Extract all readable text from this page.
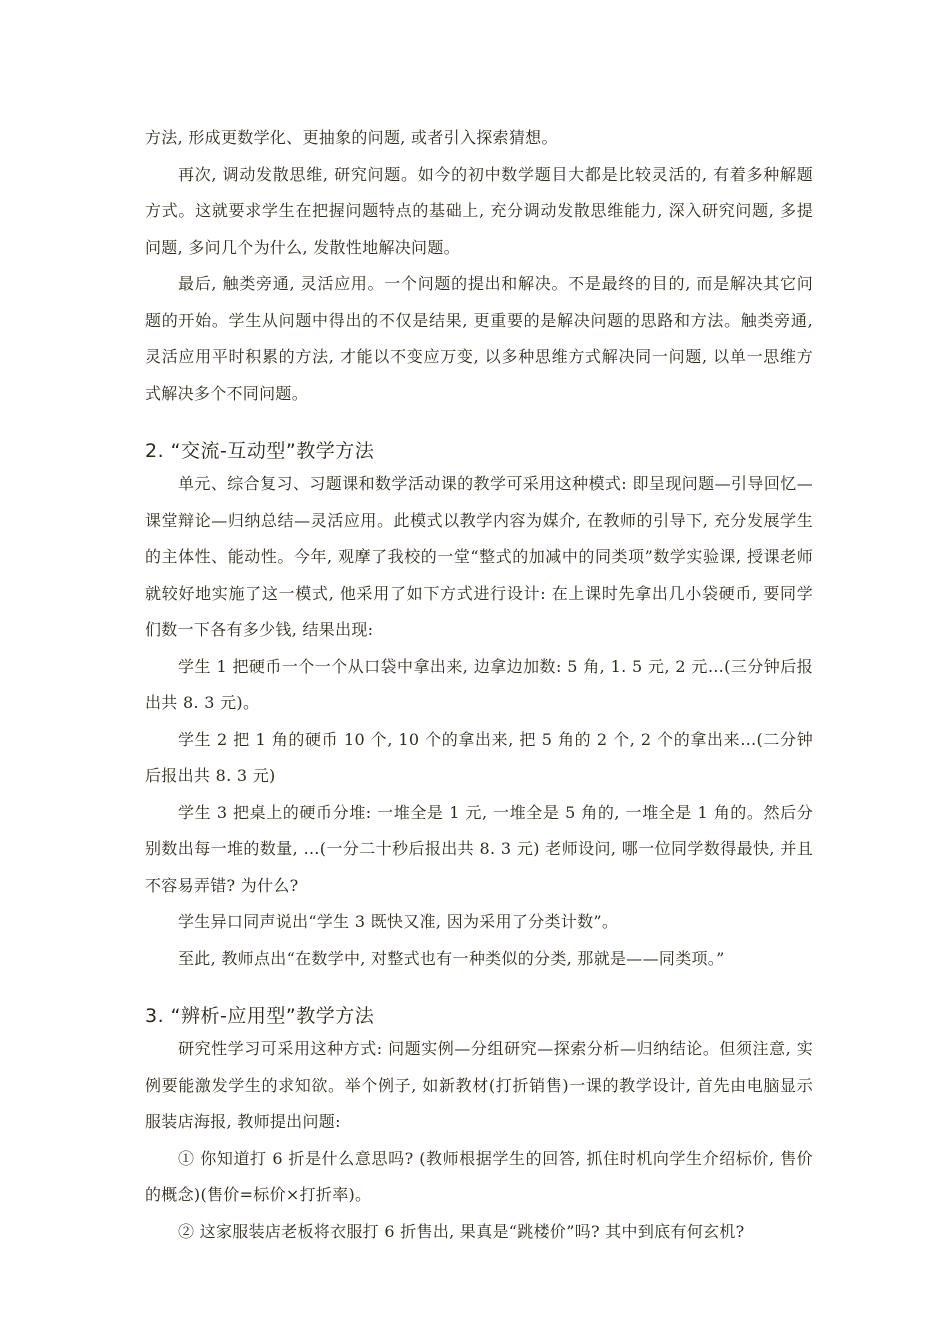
方法, 形成更数学化、更抽象的问题, 或者引入探索猜想。

再次, 调动发散思维, 研究问题。如今的初中数学题目大都是比较灵活的, 有着多种解题方式。这就要求学生在把握问题特点的基础上, 充分调动发散思维能力, 深入研究问题, 多提问题, 多问几个为什么, 发散性地解决问题。

最后, 触类旁通, 灵活应用。一个问题的提出和解决。不是最终的目的, 而是解决其它问题的开始。学生从问题中得出的不仅是结果, 更重要的是解决问题的思路和方法。触类旁通, 灵活应用平时积累的方法, 才能以不变应万变, 以多种思维方式解决同一问题, 以单一思维方式解决多个不同问题。

2. “交流-互动型”教学方法

单元、综合复习、习题课和数学活动课的教学可采用这种模式: 即呈现问题—引导回忆—课堂辩论—归纳总结—灵活应用。此模式以教学内容为媒介, 在教师的引导下, 充分发展学生的主体性、能动性。今年, 观摩了我校的一堂“整式的加减中的同类项”数学实验课, 授课老师就较好地实施了这一模式, 他采用了如下方式进行设计: 在上课时先拿出几小袋硬币, 要同学们数一下各有多少钱, 结果出现:

学生 1 把硬币一个一个从口袋中拿出来, 边拿边加数: 5 角, 1. 5 元, 2 元…(三分钟后报出共 8. 3 元)。

学生 2 把 1 角的硬币 10 个, 10 个的拿出来, 把 5 角的 2 个, 2 个的拿出来…(二分钟后报出共 8. 3 元)

学生 3 把桌上的硬币分堆: 一堆全是 1 元, 一堆全是 5 角的, 一堆全是 1 角的。然后分别数出每一堆的数量, …(一分二十秒后报出共 8. 3 元) 老师设问, 哪一位同学数得最快, 并且不容易弄错? 为什么?

学生异口同声说出“学生 3 既快又准, 因为采用了分类计数”。

至此, 教师点出“在数学中, 对整式也有一种类似的分类, 那就是——同类项。”

3. “辨析-应用型”教学方法

研究性学习可采用这种方式: 问题实例—分组研究—探索分析—归纳结论。但须注意, 实例要能激发学生的求知欲。举个例子, 如新教材(打折销售)一课的教学设计, 首先由电脑显示服装店海报, 教师提出问题:

① 你知道打 6 折是什么意思吗? (教师根据学生的回答, 抓住时机向学生介绍标价, 售价的概念)(售价=标价×打折率)。

② 这家服装店老板将衣服打 6 折售出, 果真是“跳楼价”吗? 其中到底有何玄机?
